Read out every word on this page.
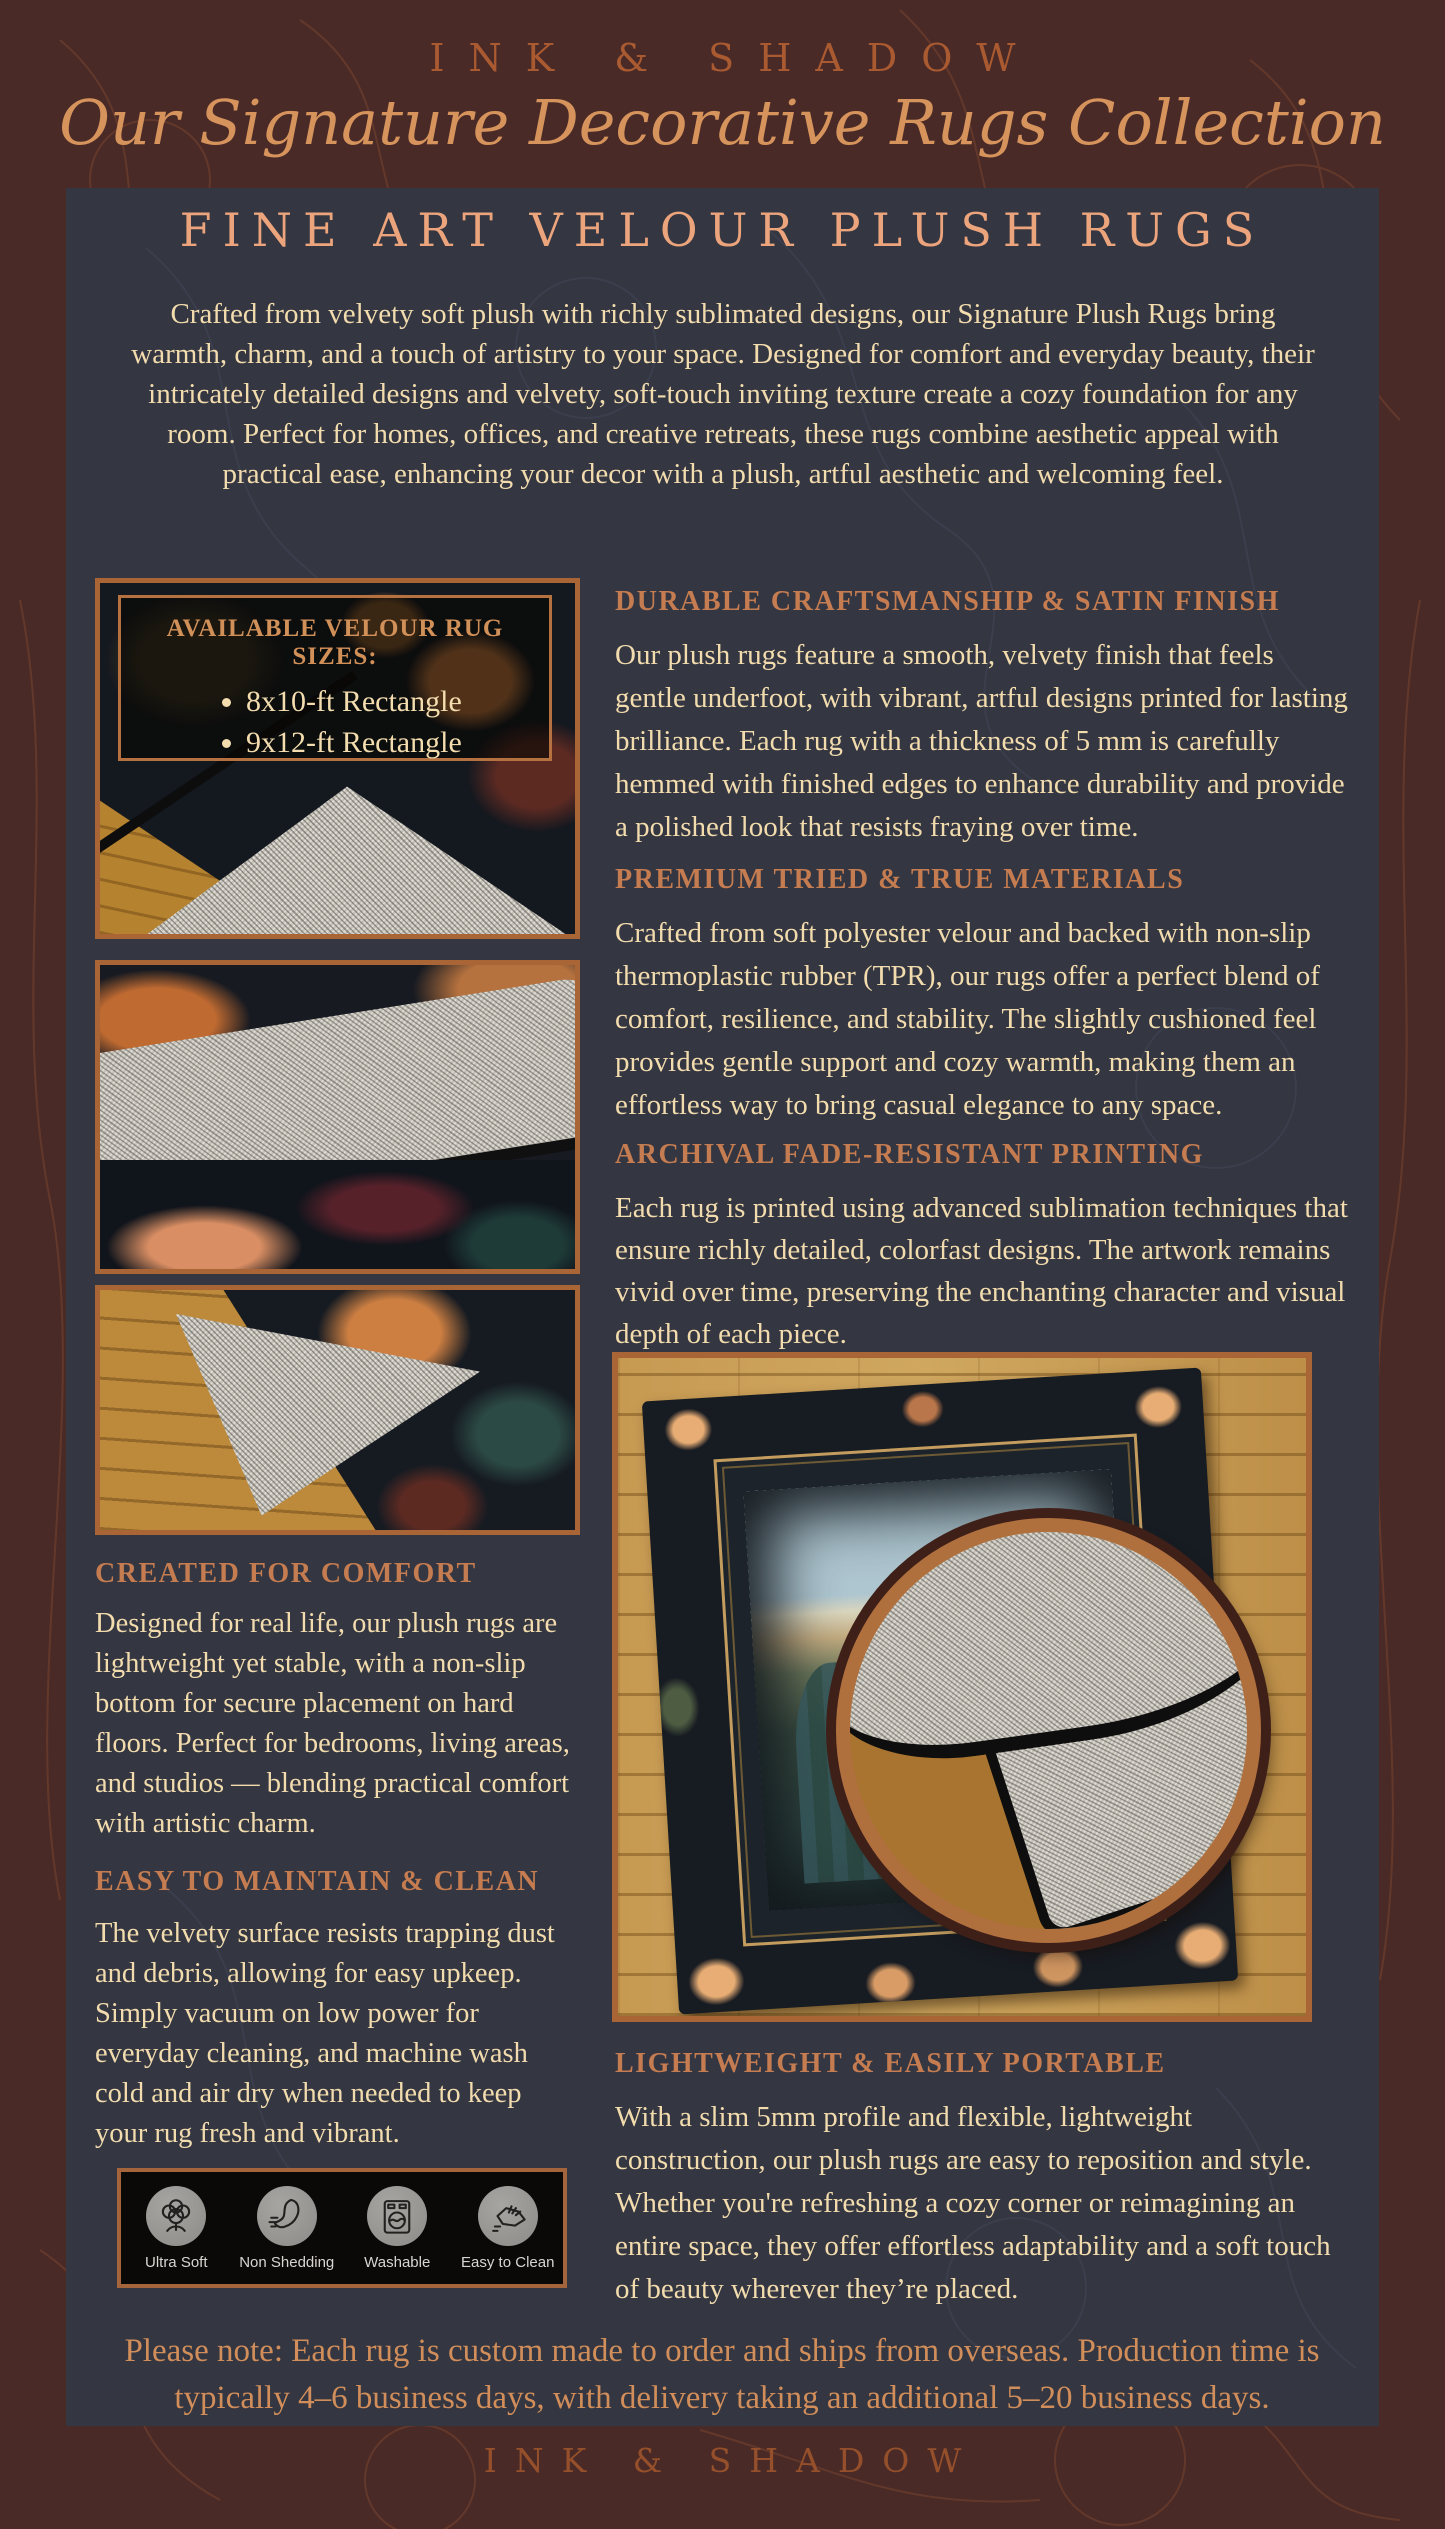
INK & SHADOW
Our Signature Decorative Rugs Collection
FINE ART VELOUR PLUSH RUGS
Crafted from velvety soft plush with richly sublimated designs, our Signature Plush Rugs bring warmth, charm, and a touch of artistry to your space. Designed for comfort and everyday beauty, their intricately detailed designs and velvety, soft-touch inviting texture create a cozy foundation for any room. Perfect for homes, offices, and creative retreats, these rugs combine aesthetic appeal with practical ease, enhancing your decor with a plush, artful aesthetic and welcoming feel.
AVAILABLE VELOUR RUG SIZES:
• 8x10-ft Rectangle
• 9x12-ft Rectangle
CREATED FOR COMFORT
Designed for real life, our plush rugs are lightweight yet stable, with a non-slip bottom for secure placement on hard floors. Perfect for bedrooms, living areas, and studios — blending practical comfort with artistic charm.
EASY TO MAINTAIN & CLEAN
The velvety surface resists trapping dust and debris, allowing for easy upkeep. Simply vacuum on low power for everyday cleaning, and machine wash cold and air dry when needed to keep your rug fresh and vibrant.
Ultra Soft Non Shedding Washable Easy to Clean
DURABLE CRAFTSMANSHIP & SATIN FINISH
Our plush rugs feature a smooth, velvety finish that feels gentle underfoot, with vibrant, artful designs printed for lasting brilliance. Each rug with a thickness of 5 mm is carefully hemmed with finished edges to enhance durability and provide a polished look that resists fraying over time.
PREMIUM TRIED & TRUE MATERIALS
Crafted from soft polyester velour and backed with non-slip thermoplastic rubber (TPR), our rugs offer a perfect blend of comfort, resilience, and stability. The slightly cushioned feel provides gentle support and cozy warmth, making them an effortless way to bring casual elegance to any space.
ARCHIVAL FADE-RESISTANT PRINTING
Each rug is printed using advanced sublimation techniques that ensure richly detailed, colorfast designs. The artwork remains vivid over time, preserving the enchanting character and visual depth of each piece.
LIGHTWEIGHT & EASILY PORTABLE
With a slim 5mm profile and flexible, lightweight construction, our plush rugs are easy to reposition and style. Whether you're refreshing a cozy corner or reimagining an entire space, they offer effortless adaptability and a soft touch of beauty wherever they’re placed.
Please note: Each rug is custom made to order and ships from overseas. Production time is typically 4–6 business days, with delivery taking an additional 5–20 business days.
INK & SHADOW
